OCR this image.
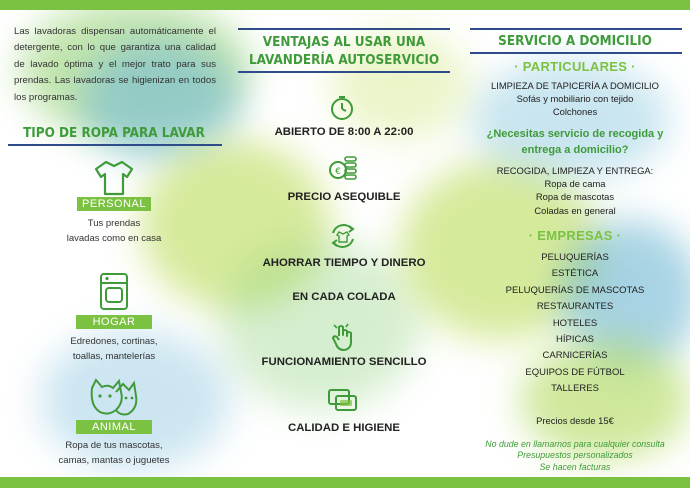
Las lavadoras dispensan automáticamente el detergente, con lo que garantiza una calidad de lavado óptima y el mejor trato para sus prendas. Las lavadoras se higienizan en todos los programas.
TIPO DE ROPA PARA LAVAR
PERSONAL
Tus prendas
lavadas como en casa
HOGAR
Edredones, cortinas,
toallas, mantelerías
ANIMAL
Ropa de tus mascotas,
camas, mantas o juguetes
VENTAJAS AL USAR UNA
LAVANDERÍA AUTOSERVICIO
ABIERTO DE 8:00 A 22:00
€
PRECIO ASEQUIBLE
AHORRAR TIEMPO Y DINERO
EN CADA COLADA
FUNCIONAMIENTO SENCILLO
CALIDAD E HIGIENE
SERVICIO A DOMICILIO
· PARTICULARES ·
LIMPIEZA DE TAPICERÍA A DOMICILIO
Sofás y mobiliario con tejido
Colchones
¿Necesitas servicio de recogida y
entrega a domicilio?
RECOGIDA, LIMPIEZA Y ENTREGA:
Ropa de cama
Ropa de mascotas
Coladas en general
· EMPRESAS ·
PELUQUERÍAS
ESTÉTICA
PELUQUERÍAS DE MASCOTAS
RESTAURANTES
HOTELES
HÍPICAS
CARNICERÍAS
EQUIPOS DE FÚTBOL
TALLERES
Precios desde 15€
No dude en llamarnos para cualquier consulta
Presupuestos personalizados
Se hacen facturas
